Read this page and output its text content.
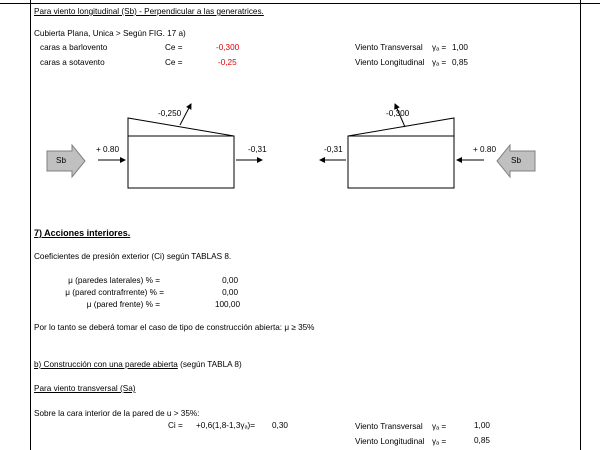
Para viento longitudinal (Sb) - Perpendicular a las generatrices.
Cubierta Plana, Unica > Según FIG. 17 a)
caras a barlovento	Ce =	-0,300	Viento Transversal γₐ = 1,00
caras a sotavento	Ce =	-0,25	Viento Longitudinal γₐ = 0,85
-0,250
+ 0.80	-0,31
Sb
-0,300
-0,31	+ 0.80
Sb
7) Acciones interiores.
Coeficientes de presión exterior (Ci) según TABLAS 8.
μ (paredes laterales) % =	0,00
μ (pared contrafrrente) % =	0,00
μ (pared frente) % =	100,00
Por lo tanto se deberá tomar el caso de tipo de construcción abierta: μ ≥ 35%
b) Construcción con una parede abierta (según TABLA 8)
Para viento transversal (Sa)
Sobre la cara interior de la pared de u > 35%:
Ci = +0,6(1,8-1,3γₐ)= 0,30	Viento Transversal γₐ =	1,00
Viento Longitudinal γₐ =	0,85
